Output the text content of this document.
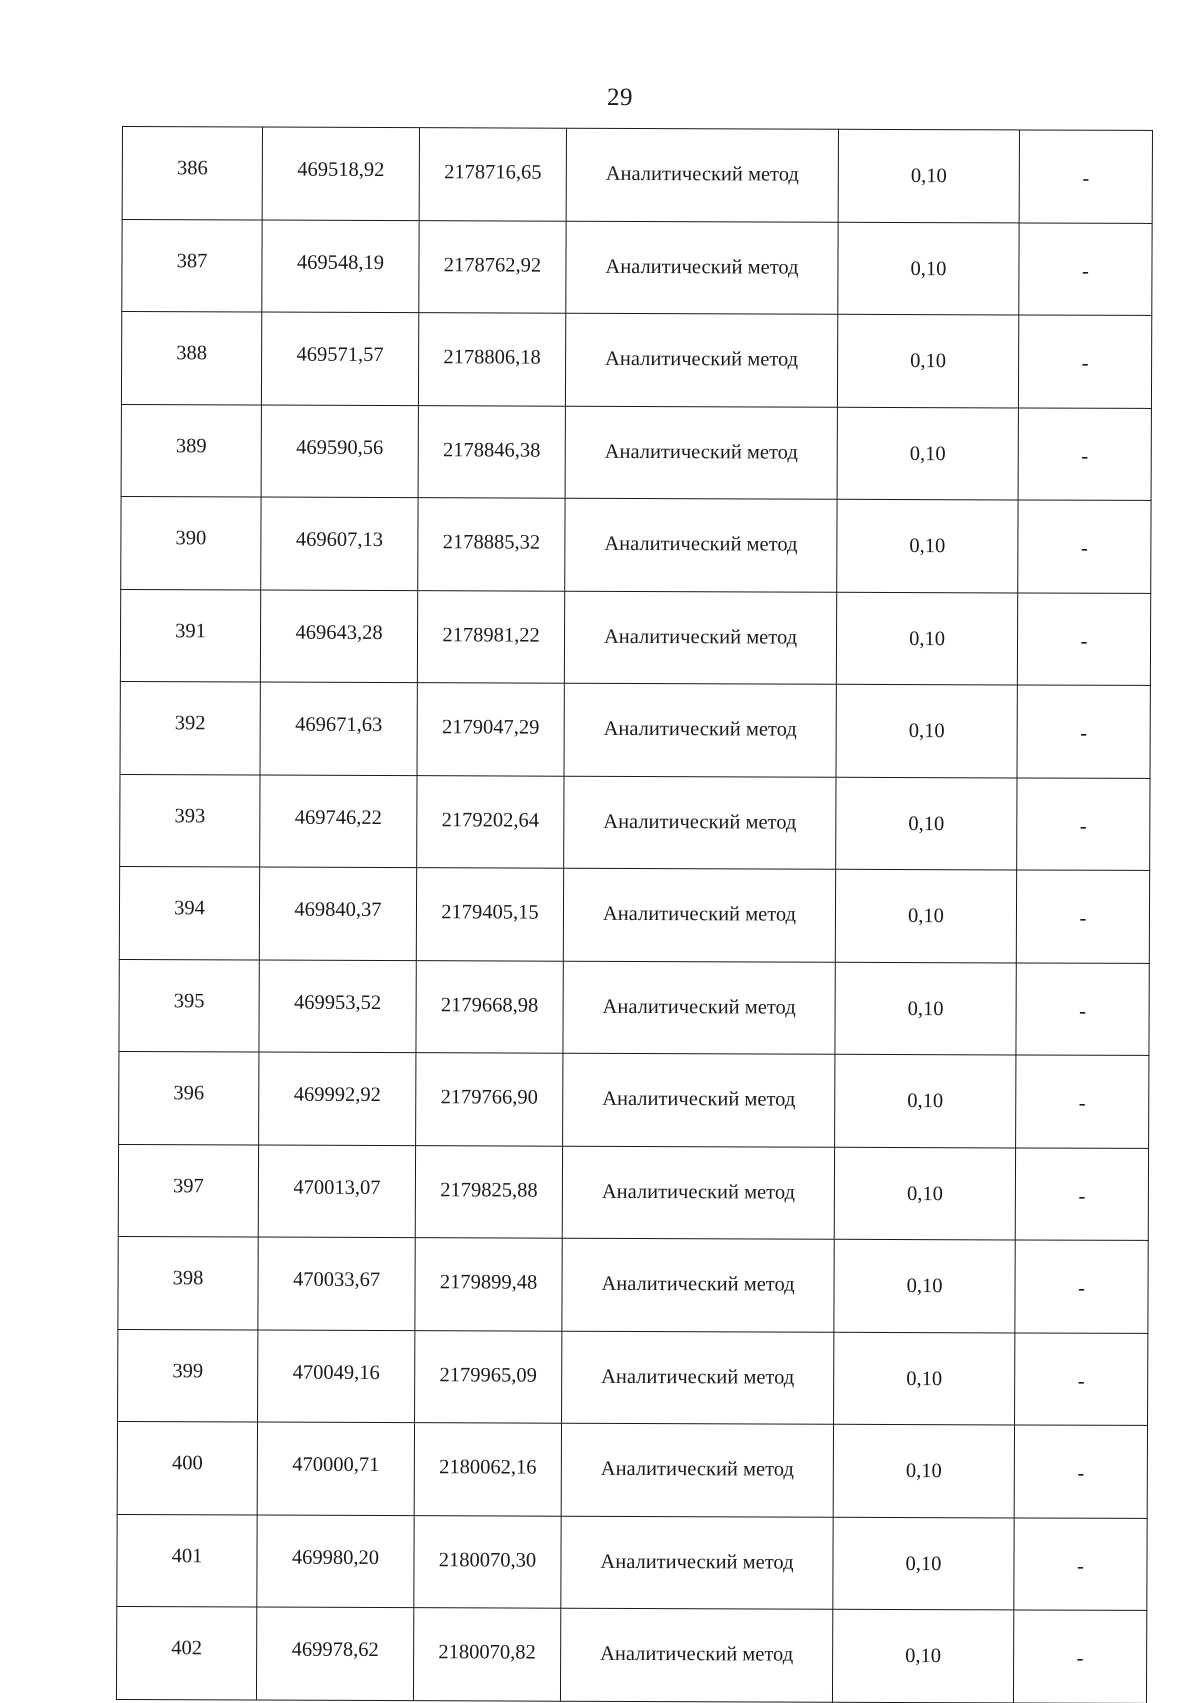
29
386	469518,92	2178716,65	Аналитический метод	0,10	-
387	469548,19	2178762,92	Аналитический метод	0,10	-
388	469571,57	2178806,18	Аналитический метод	0,10	-
389	469590,56	2178846,38	Аналитический метод	0,10	-
390	469607,13	2178885,32	Аналитический метод	0,10	-
391	469643,28	2178981,22	Аналитический метод	0,10	-
392	469671,63	2179047,29	Аналитический метод	0,10	-
393	469746,22	2179202,64	Аналитический метод	0,10	-
394	469840,37	2179405,15	Аналитический метод	0,10	-
395	469953,52	2179668,98	Аналитический метод	0,10	-
396	469992,92	2179766,90	Аналитический метод	0,10	-
397	470013,07	2179825,88	Аналитический метод	0,10	-
398	470033,67	2179899,48	Аналитический метод	0,10	-
399	470049,16	2179965,09	Аналитический метод	0,10	-
400	470000,71	2180062,16	Аналитический метод	0,10	-
401	469980,20	2180070,30	Аналитический метод	0,10	-
402	469978,62	2180070,82	Аналитический метод	0,10	-
